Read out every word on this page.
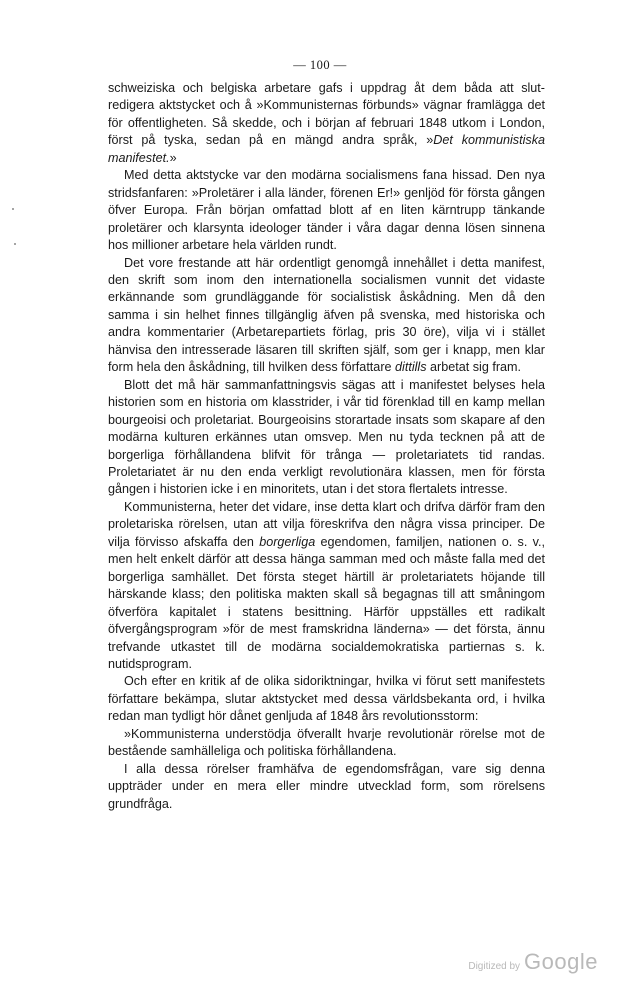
— 100 —

schweiziska och belgiska arbetare gafs i uppdrag åt dem båda att slut-redigera aktstycket och å »Kommunisternas förbunds» vägnar framlägga det för offentligheten. Så skedde, och i början af februari 1848 utkom i London, först på tyska, sedan på en mängd andra språk, »Det kommunistiska manifestet.»

Med detta aktstycke var den modärna socialismens fana hissad. Den nya stridsfanfaren: »Proletärer i alla länder, förenen Er!» genljöd för första gången öfver Europa. Från början omfattad blott af en liten kärntrupp tänkande proletärer och klarsynta ideologer tänder i våra dagar denna lösen sinnena hos millioner arbetare hela världen rundt.

Det vore frestande att här ordentligt genomgå innehållet i detta manifest, den skrift som inom den internationella socialismen vunnit det vidaste erkännande som grundläggande för socialistisk åskådning. Men då den samma i sin helhet finnes tillgänglig äfven på svenska, med historiska och andra kommentarier (Arbetarepartiets förlag, pris 30 öre), vilja vi i stället hänvisa den intresserade läsaren till skriften själf, som ger i knapp, men klar form hela den åskådning, till hvilken dess författare dittills arbetat sig fram.

Blott det må här sammanfattningsvis sägas att i manifestet belyses hela historien som en historia om klasstrider, i vår tid förenklad till en kamp mellan bourgeoisi och proletariat. Bourgeoisins storartade insats som skapare af den modärna kulturen erkännes utan omsvep. Men nu tyda tecknen på att de borgerliga förhållandena blifvit för trånga — proletariatets tid randas. Proletariatet är nu den enda verkligt revolutionära klassen, men för första gången i historien icke i en minoritets, utan i det stora flertalets intresse.

Kommunisterna, heter det vidare, inse detta klart och drifva därför fram den proletariska rörelsen, utan att vilja föreskrifva den några vissa principer. De vilja förvisso afskaffa den borgerliga egendomen, familjen, nationen o. s. v., men helt enkelt därför att dessa hänga samman med och måste falla med det borgerliga samhället. Det första steget härtill är proletariatets höjande till härskande klass; den politiska makten skall så begagnas till att småningom öfverföra kapitalet i statens besittning. Härför uppställes ett radikalt öfvergångsprogram »för de mest framskridna länderna» — det första, ännu trefvande utkastet till de modärna socialdemokratiska partiernas s. k. nutidsprogram.

Och efter en kritik af de olika sidoriktningar, hvilka vi förut sett manifestets författare bekämpa, slutar aktstycket med dessa världsbekanta ord, i hvilka redan man tydligt hör dånet genljuda af 1848 års revolutionsstorm:

»Kommunisterna understödja öfverallt hvarje revolutionär rörelse mot de bestående samhälleliga och politiska förhållandena.

I alla dessa rörelser framhäfva de egendomsfrågan, vare sig denna uppträder under en mera eller mindre utvecklad form, som rörelsens grundfråga.

Digitized by Google
